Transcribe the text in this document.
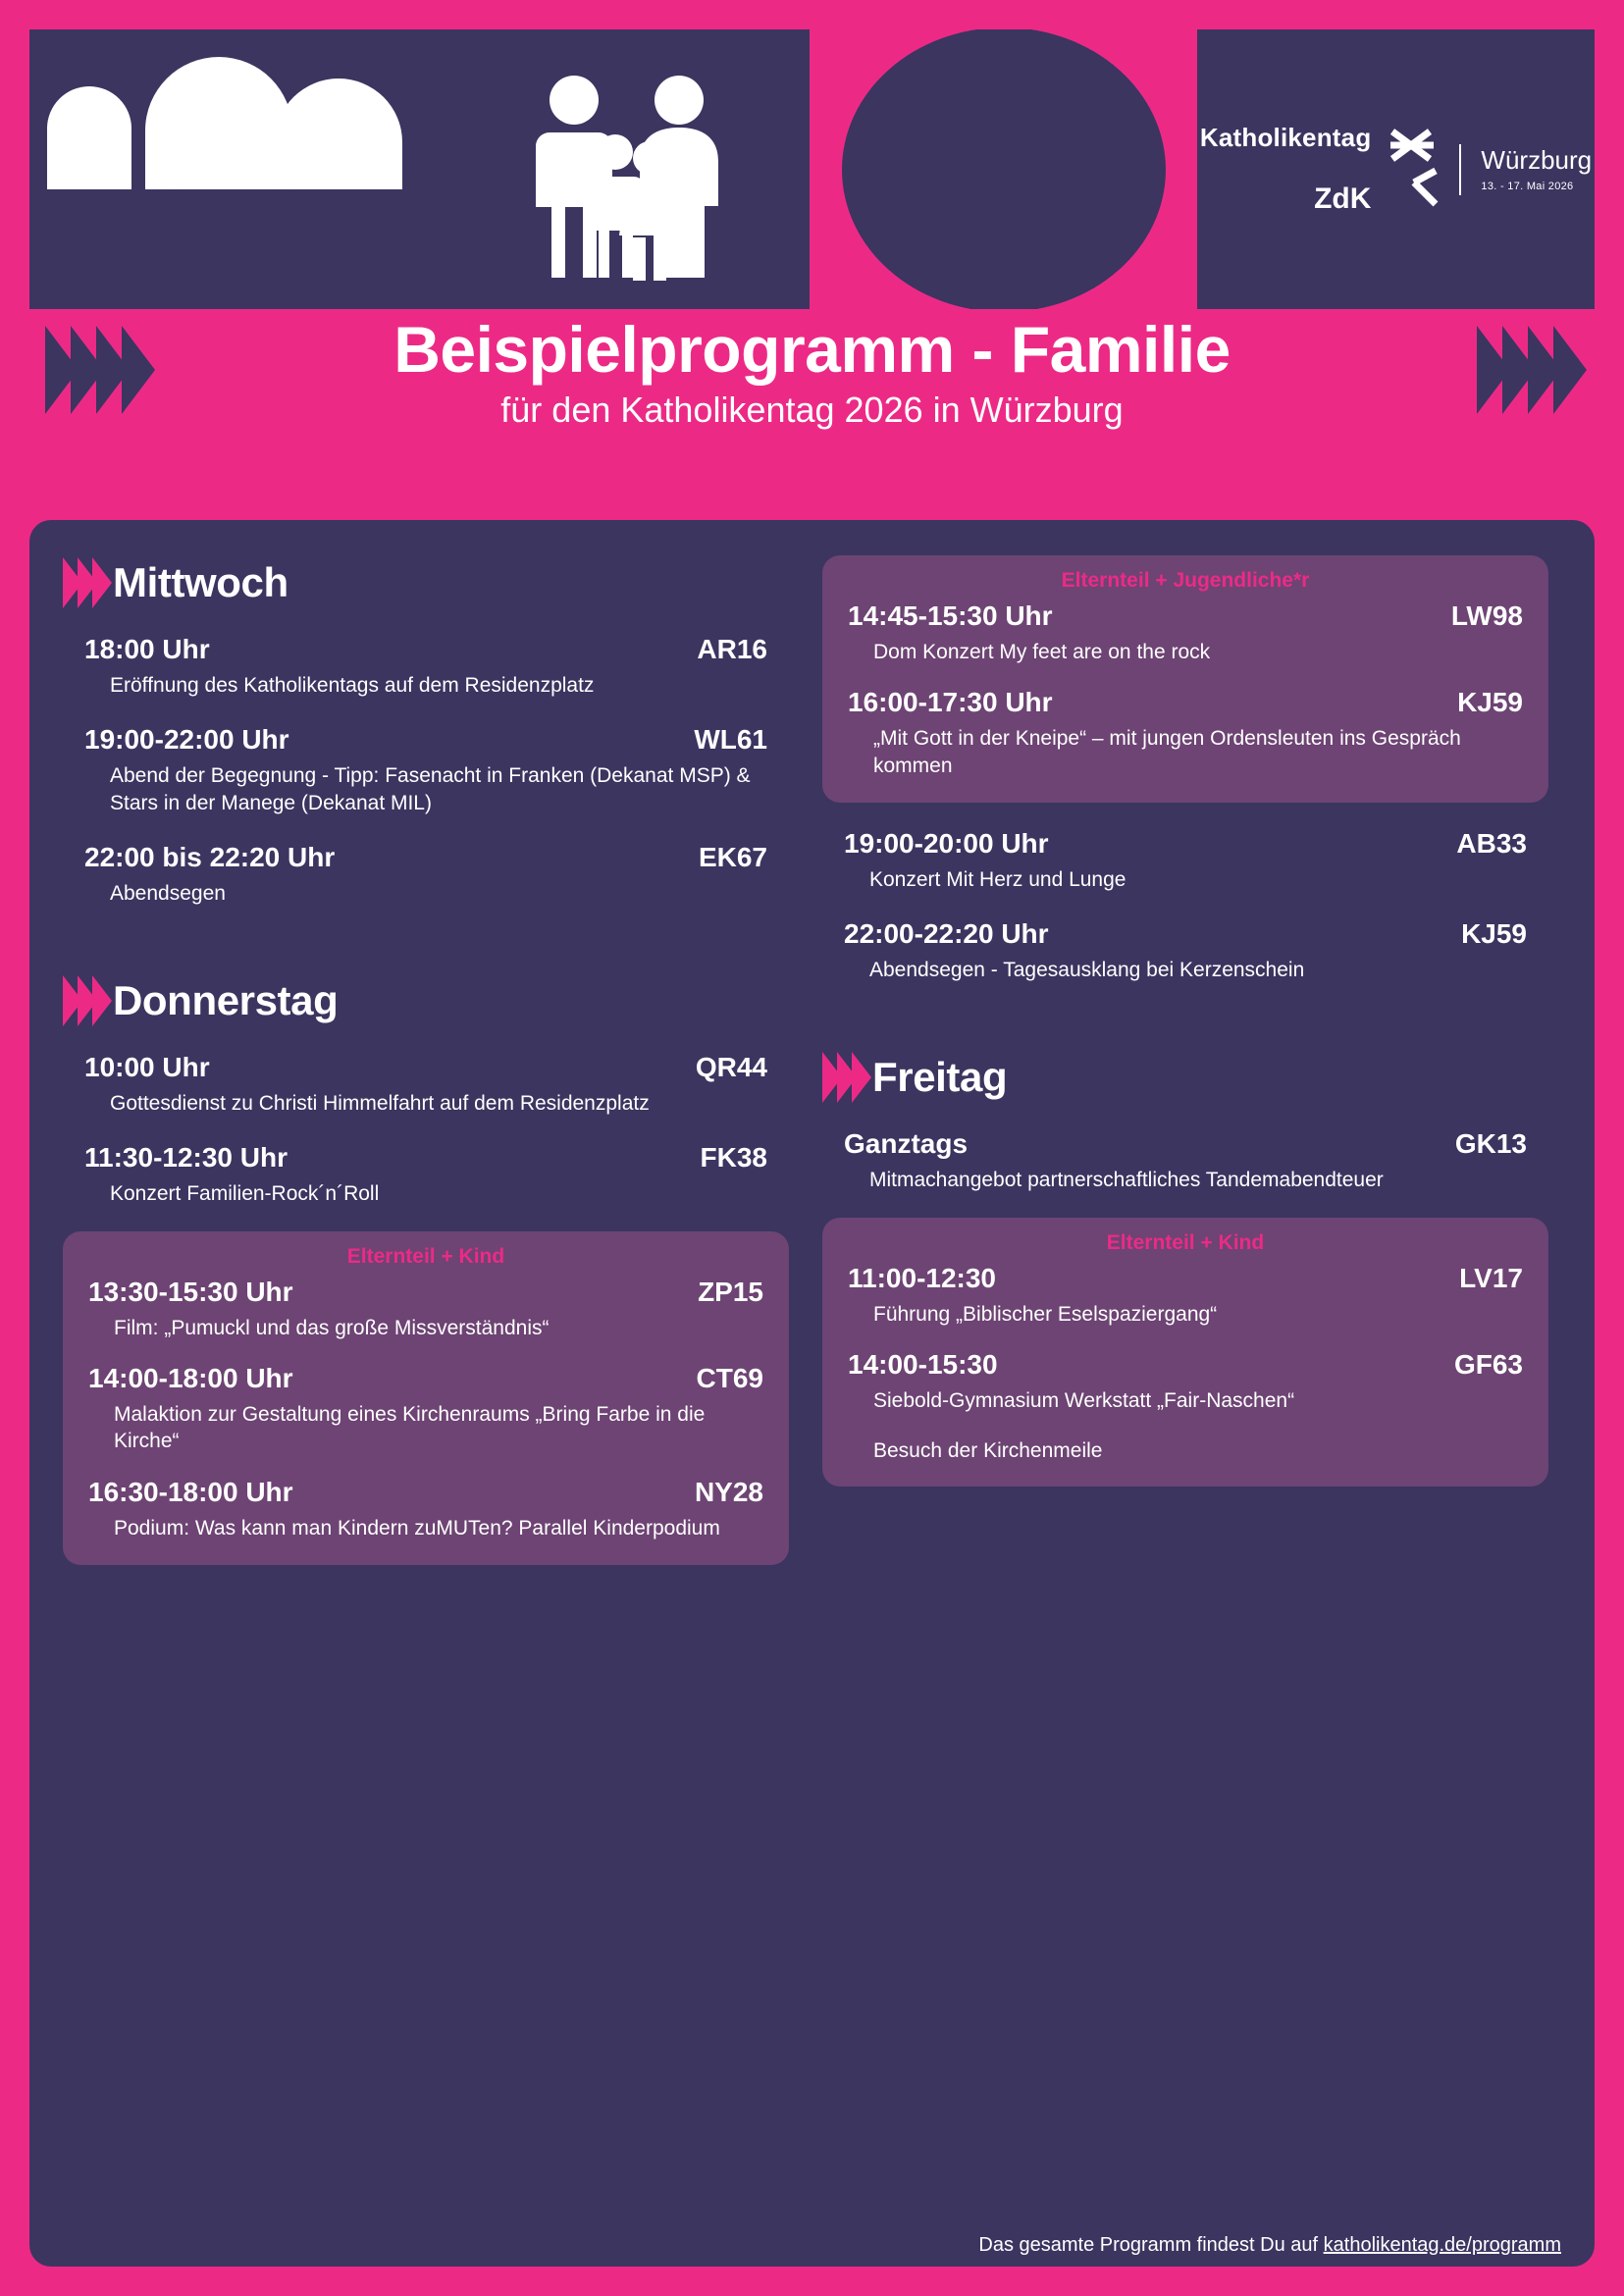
Katholikentag
ZdK
Würzburg
13. - 17. Mai 2026
Beispielprogramm - Familie
für den Katholikentag 2026 in Würzburg
Mittwoch
18:00 Uhr	AR16
Eröffnung des Katholikentags auf dem Residenzplatz
19:00-22:00 Uhr	WL61
Abend der Begegnung - Tipp: Fasenacht in Franken (Dekanat MSP) & Stars in der Manege (Dekanat MIL)
22:00 bis 22:20 Uhr	EK67
Abendsegen
Donnerstag
10:00 Uhr	QR44
Gottesdienst zu Christi Himmelfahrt auf dem Residenzplatz
11:30-12:30 Uhr	FK38
Konzert Familien-Rock´n´Roll
Elternteil + Kind
13:30-15:30 Uhr	ZP15
Film: „Pumuckl und das große Missverständnis“
14:00-18:00 Uhr	CT69
Malaktion zur Gestaltung eines Kirchenraums „Bring Farbe in die Kirche“
16:30-18:00 Uhr	NY28
Podium: Was kann man Kindern zuMUTen? Parallel Kinderpodium
Elternteil + Jugendliche*r
14:45-15:30 Uhr	LW98
Dom Konzert My feet are on the rock
16:00-17:30 Uhr	KJ59
„Mit Gott in der Kneipe“ – mit jungen Ordensleuten ins Gespräch kommen
19:00-20:00 Uhr	AB33
Konzert Mit Herz und Lunge
22:00-22:20 Uhr	KJ59
Abendsegen - Tagesausklang bei Kerzenschein
Freitag
Ganztags	GK13
Mitmachangebot partnerschaftliches Tandemabendteuer
Elternteil + Kind
11:00-12:30	LV17
Führung „Biblischer Eselspaziergang“
14:00-15:30	GF63
Siebold-Gymnasium Werkstatt „Fair-Naschen“
Besuch der Kirchenmeile
Das gesamte Programm findest Du auf katholikentag.de/programm
